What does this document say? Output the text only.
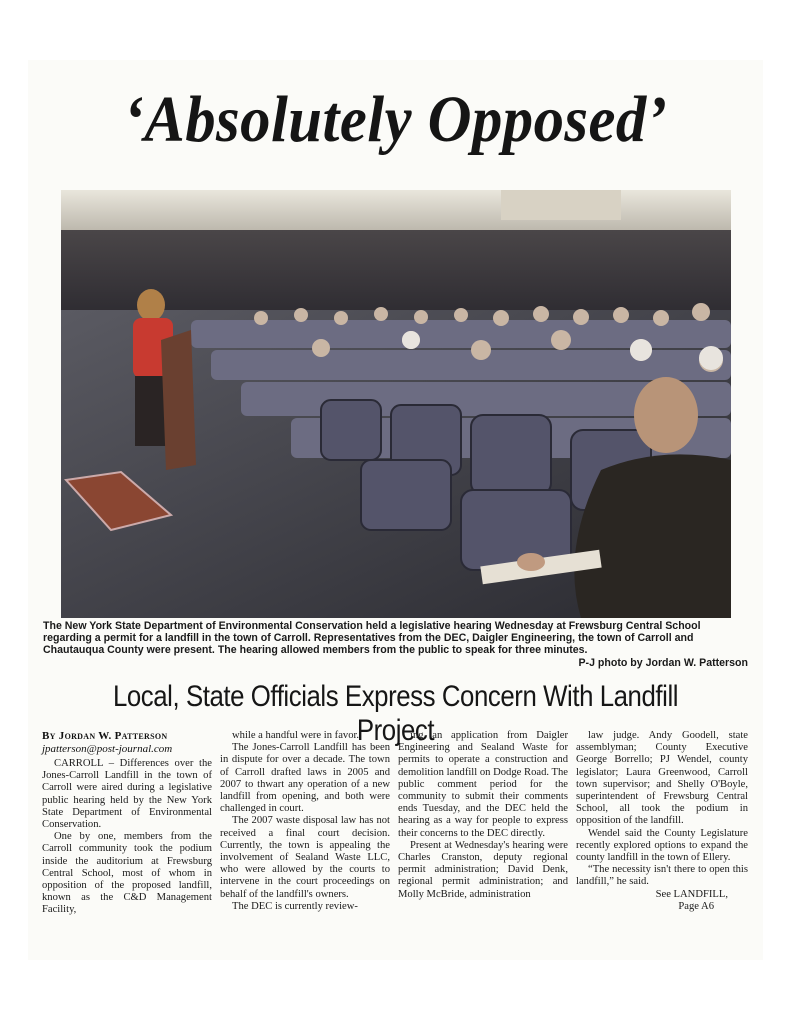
‘Absolutely Opposed’
The New York State Department of Environmental Conservation held a legislative hearing Wednesday at Frewsburg Central School regarding a permit for a landfill in the town of Carroll. Representatives from the DEC, Daigler Engineering, the town of Carroll and Chautauqua County were present. The hearing allowed members from the public to speak for three minutes.
P-J photo by Jordan W. Patterson
Local, State Officials Express Concern With Landfill Project
By Jordan W. Patterson
jpatterson@post-journal.com

CARROLL – Differences over the Jones-Carroll Landfill in the town of Carroll were aired during a legislative public hearing held by the New York State Department of Environmental Conservation.

One by one, members from the Carroll community took the podium inside the auditorium at Frewsburg Central School, most of whom in opposition of the proposed landfill, known as the C&D Management Facility,

while a handful were in favor.

The Jones-Carroll Landfill has been in dispute for over a decade. The town of Carroll drafted laws in 2005 and 2007 to thwart any operation of a new landfill from opening, and both were challenged in court.

The 2007 waste disposal law has not received a final court decision. Currently, the town is appealing the involvement of Sealand Waste LLC, who were allowed by the courts to intervene in the court proceedings on behalf of the landfill's owners.

The DEC is currently review-

ing an application from Daigler Engineering and Sealand Waste for permits to operate a construction and demolition landfill on Dodge Road. The public comment period for the community to submit their comments ends Tuesday, and the DEC held the hearing as a way for people to express their concerns to the DEC directly.

Present at Wednesday's hearing were Charles Cranston, deputy regional permit administration; David Denk, regional permit administration; and Molly McBride, administration

law judge. Andy Goodell, state assemblyman; County Executive George Borrello; PJ Wendel, county legislator; Laura Greenwood, Carroll town supervisor; and Shelly O'Boyle, superintendent of Frewsburg Central School, all took the podium in opposition of the landfill.

Wendel said the County Legislature recently explored options to expand the county landfill in the town of Ellery.

“The necessity isn't there to open this landfill,” he said.

See LANDFILL,

Page A6
